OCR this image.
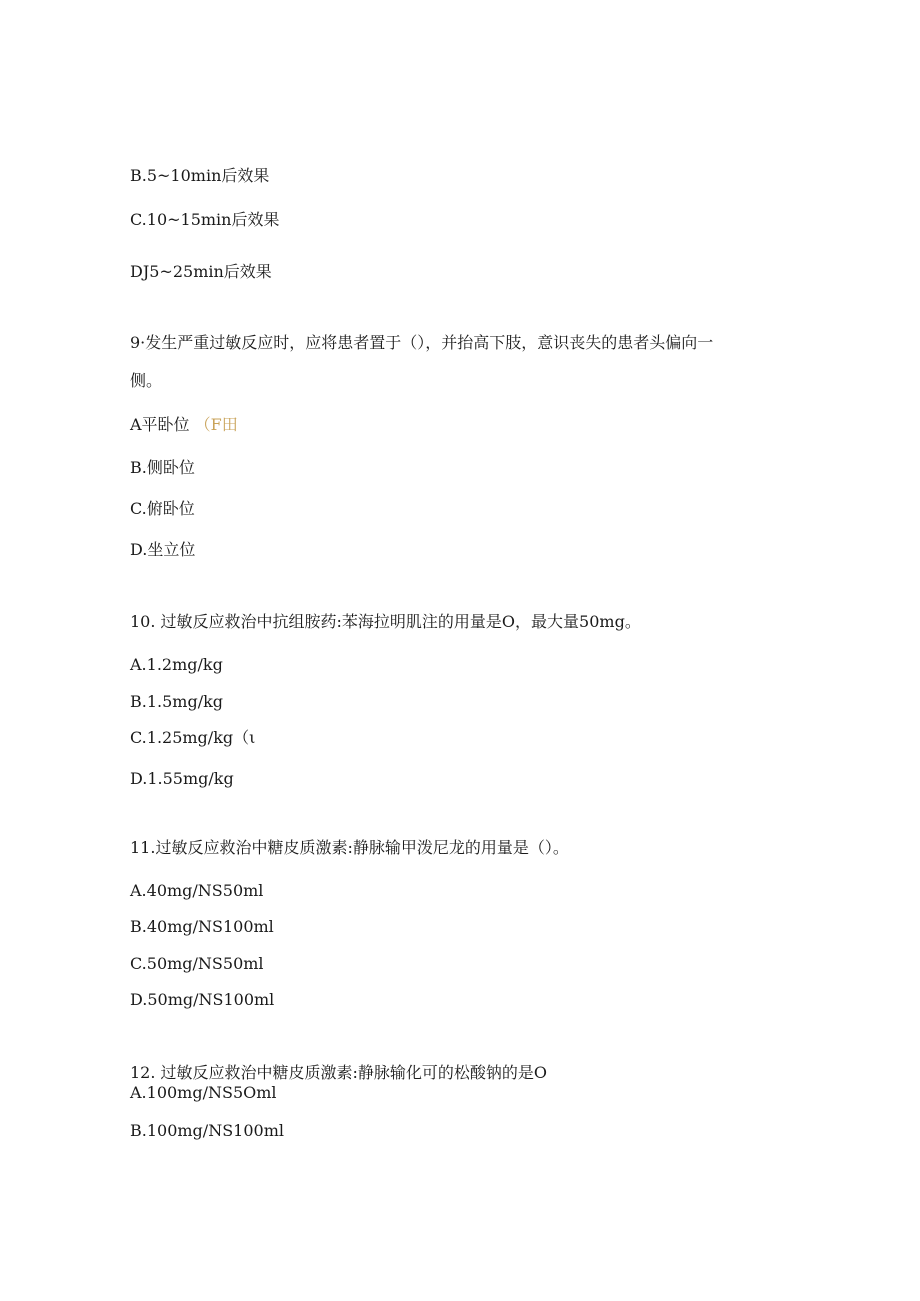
B.5~10min后效果
C.10~15min后效果
DJ5~25min后效果
9·发生严重过敏反应时，应将患者置于（），并抬高下肢，意识丧失的患者头偏向一
侧。
A平卧位 （F田
B.侧卧位
C.俯卧位
D.坐立位
10. 过敏反应救治中抗组胺药:苯海拉明肌注的用量是O，最大量50mg。
A.1.2mg/kg
B.1.5mg/kg
C.1.25mg/kg（ι
D.1.55mg/kg
11.过敏反应救治中糖皮质激素:静脉输甲泼尼龙的用量是（）。
A.40mg/NS50ml
B.40mg/NS100ml
C.50mg/NS50ml
D.50mg/NS100ml
12. 过敏反应救治中糖皮质激素:静脉输化可的松酸钠的是O
A.100mg/NS5Oml
B.100mg/NS100ml
